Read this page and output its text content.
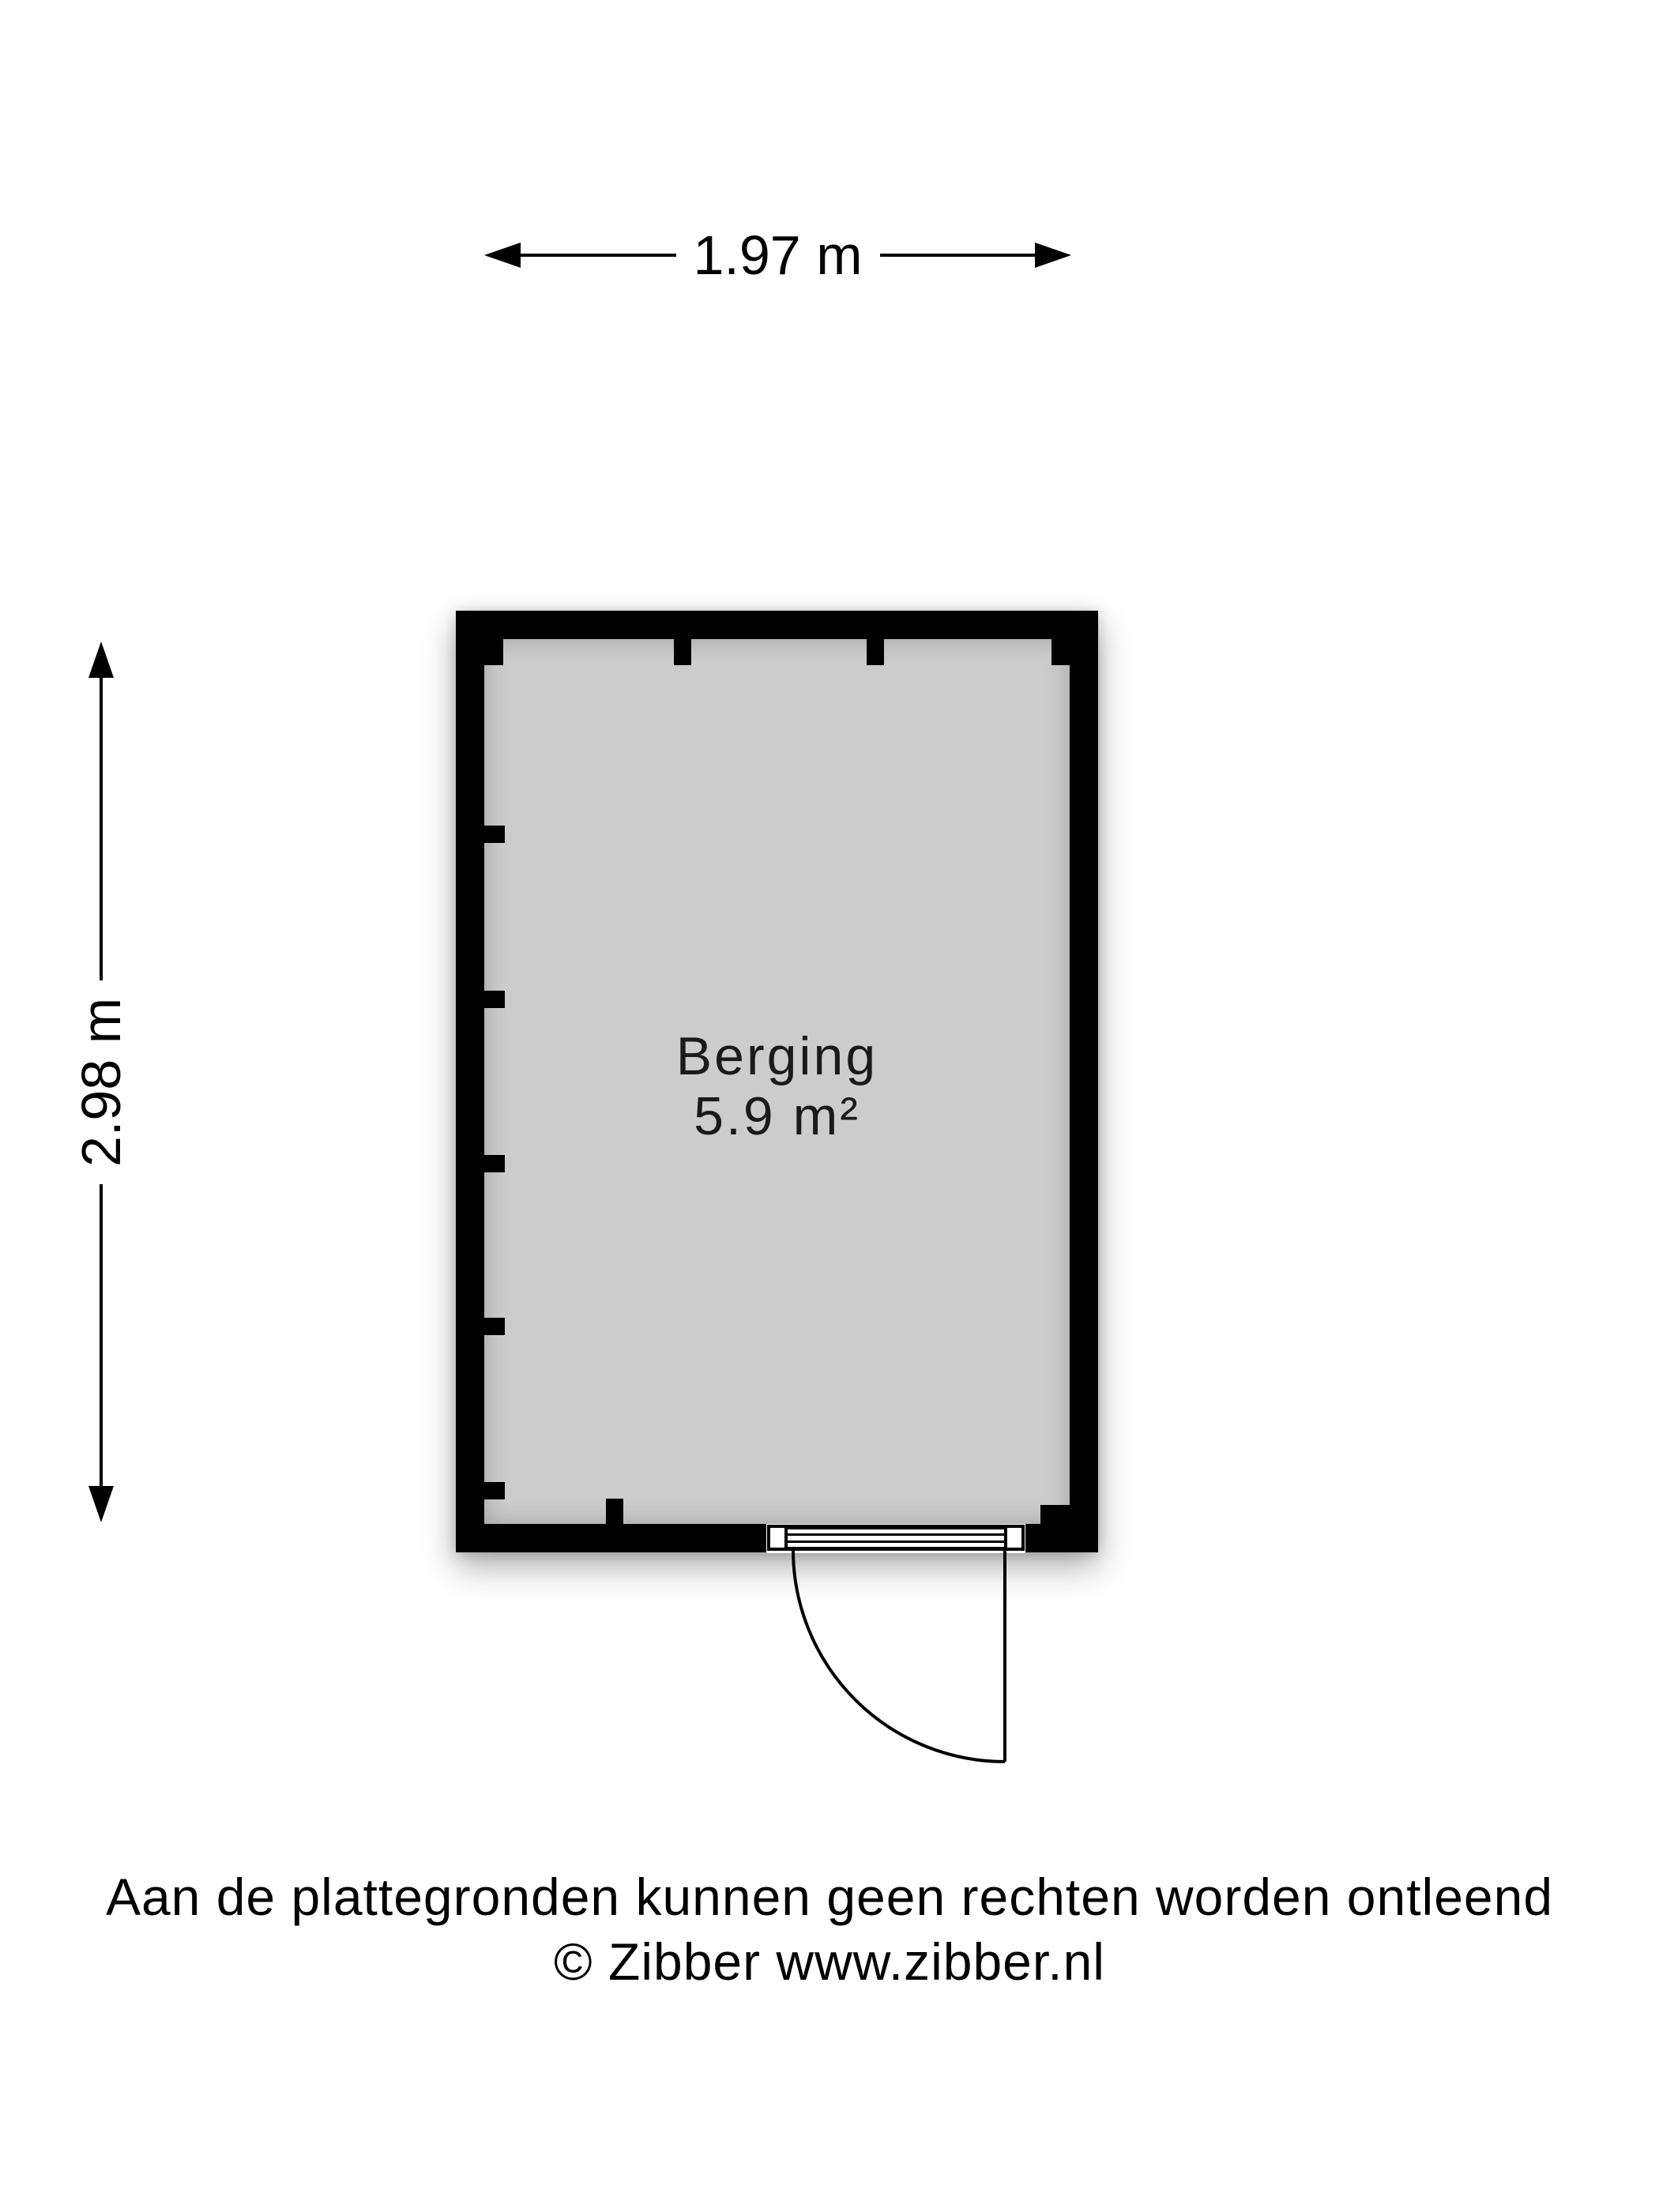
1.97 m
2.98 m	Berging
5.9 m²
Aan de plattegronden kunnen geen rechten worden ontleend
© Zibber www.zibber.nl
